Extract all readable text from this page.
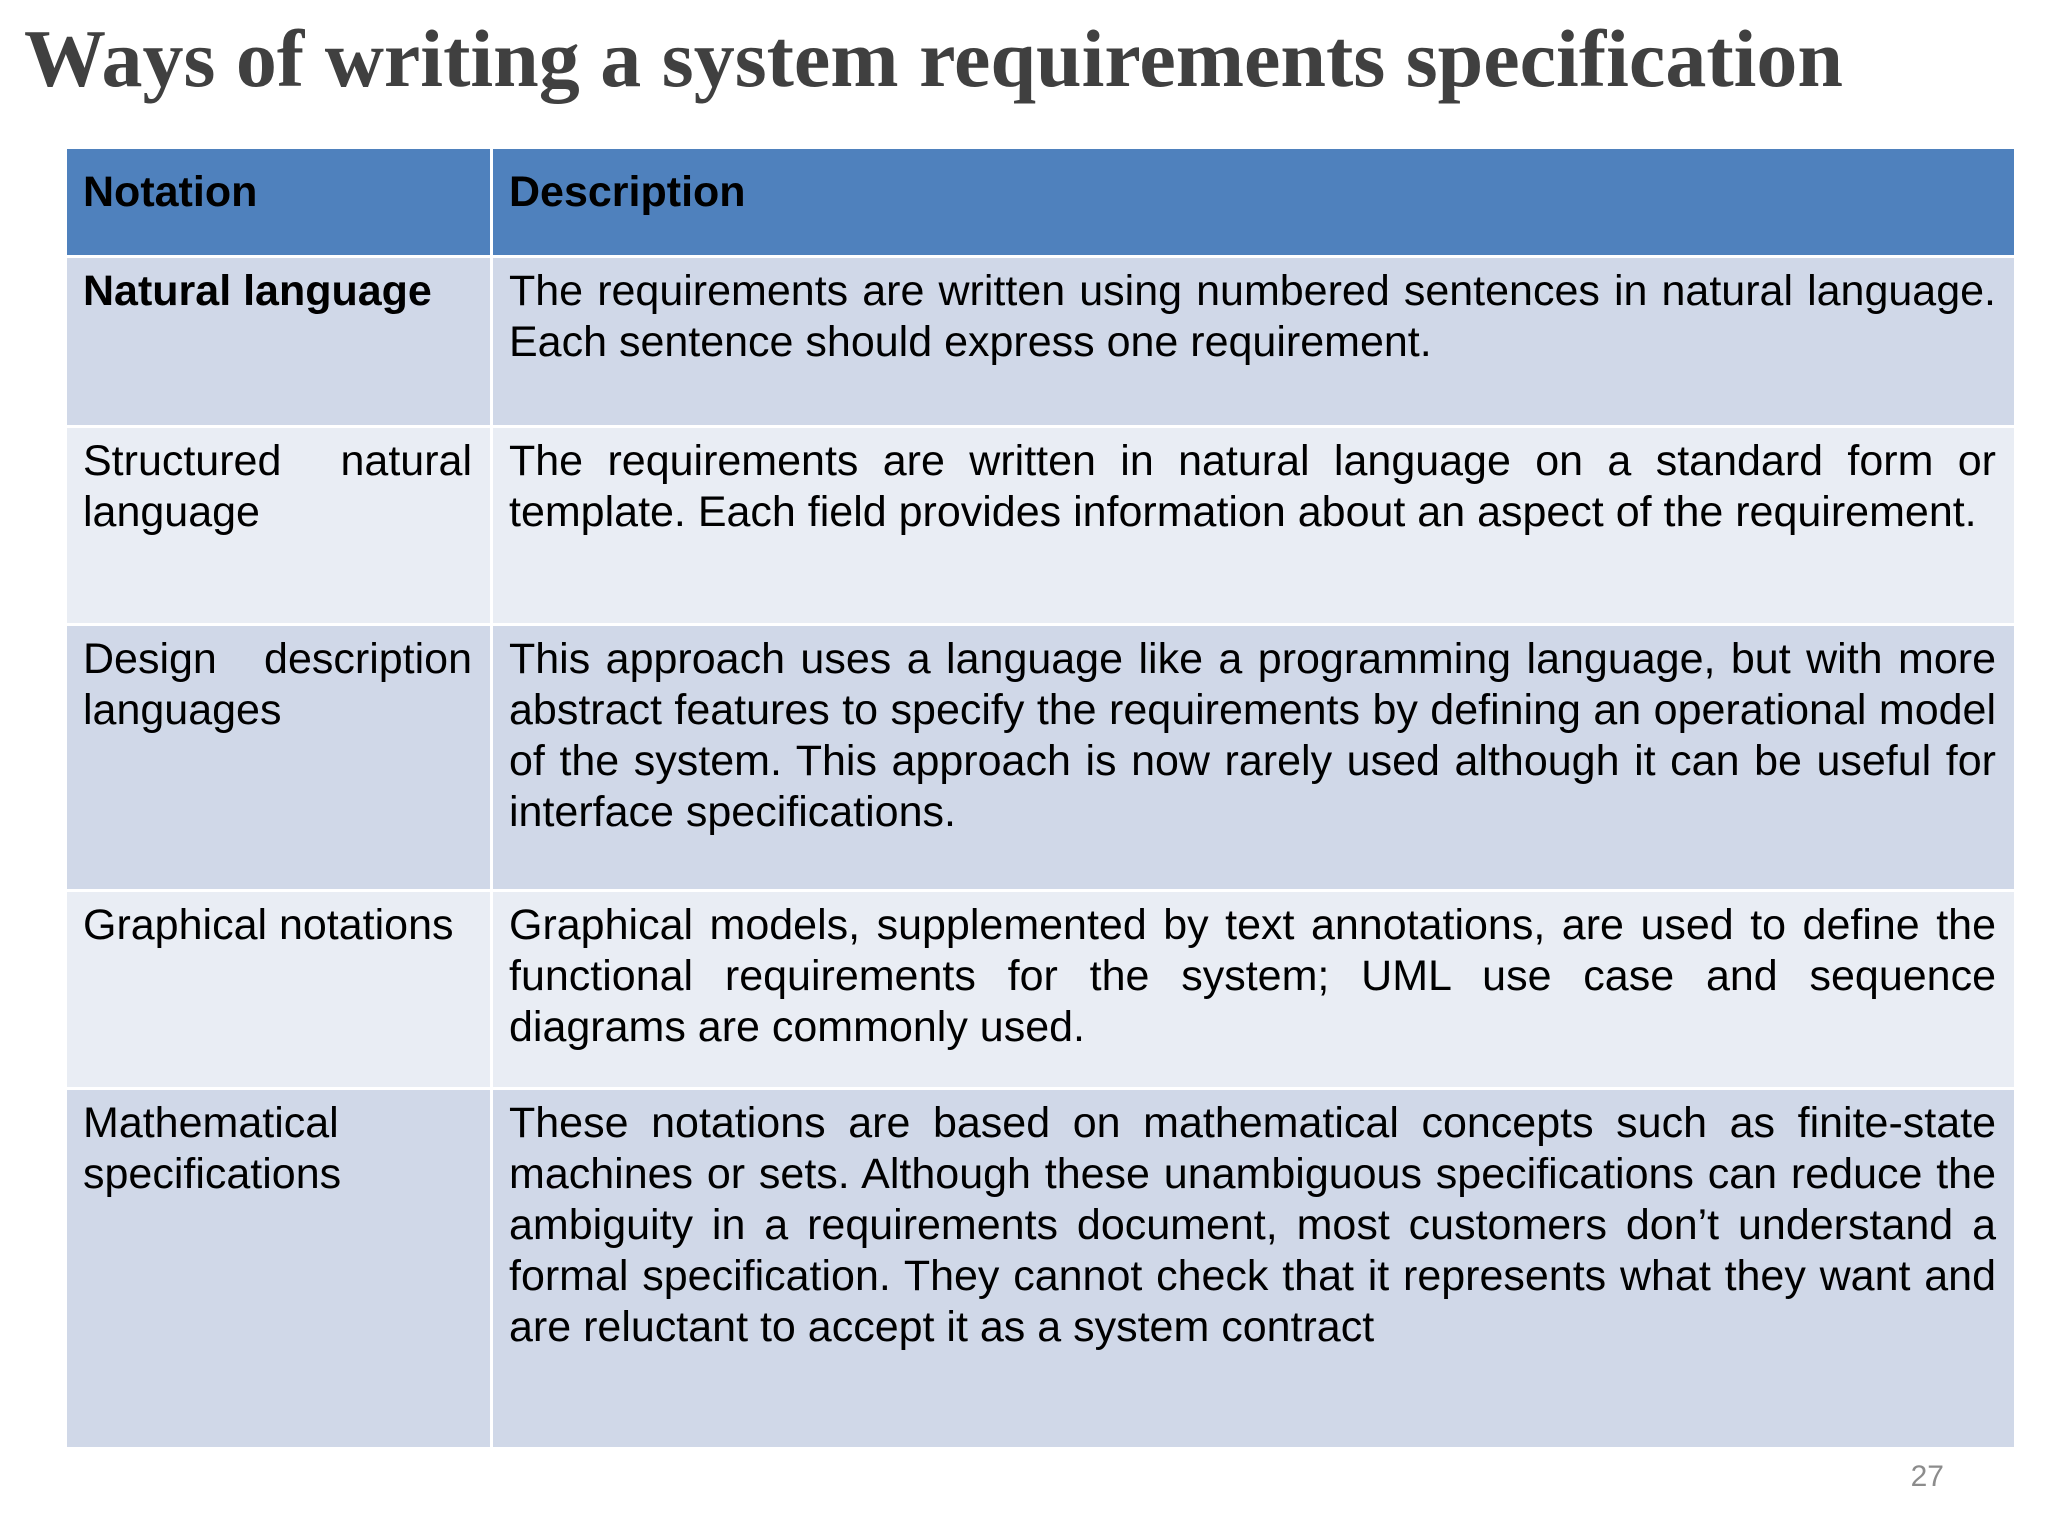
Ways of writing a system requirements specification
Notation	Description
Natural language	The requirements are written using numbered sentences in natural language. Each sentence should express one requirement.
Structured natural language	The requirements are written in natural language on a standard form or template. Each field provides information about an aspect of the requirement.
Design description languages	This approach uses a language like a programming language, but with more abstract features to specify the requirements by defining an operational model of the system. This approach is now rarely used although it can be useful for interface specifications.
Graphical notations	Graphical models, supplemented by text annotations, are used to define the functional requirements for the system; UML use case and sequence diagrams are commonly used.
Mathematical specifications	These notations are based on mathematical concepts such as finite-state machines or sets. Although these unambiguous specifications can reduce the ambiguity in a requirements document, most customers don’t understand a formal specification. They cannot check that it represents what they want and are reluctant to accept it as a system contract
27
